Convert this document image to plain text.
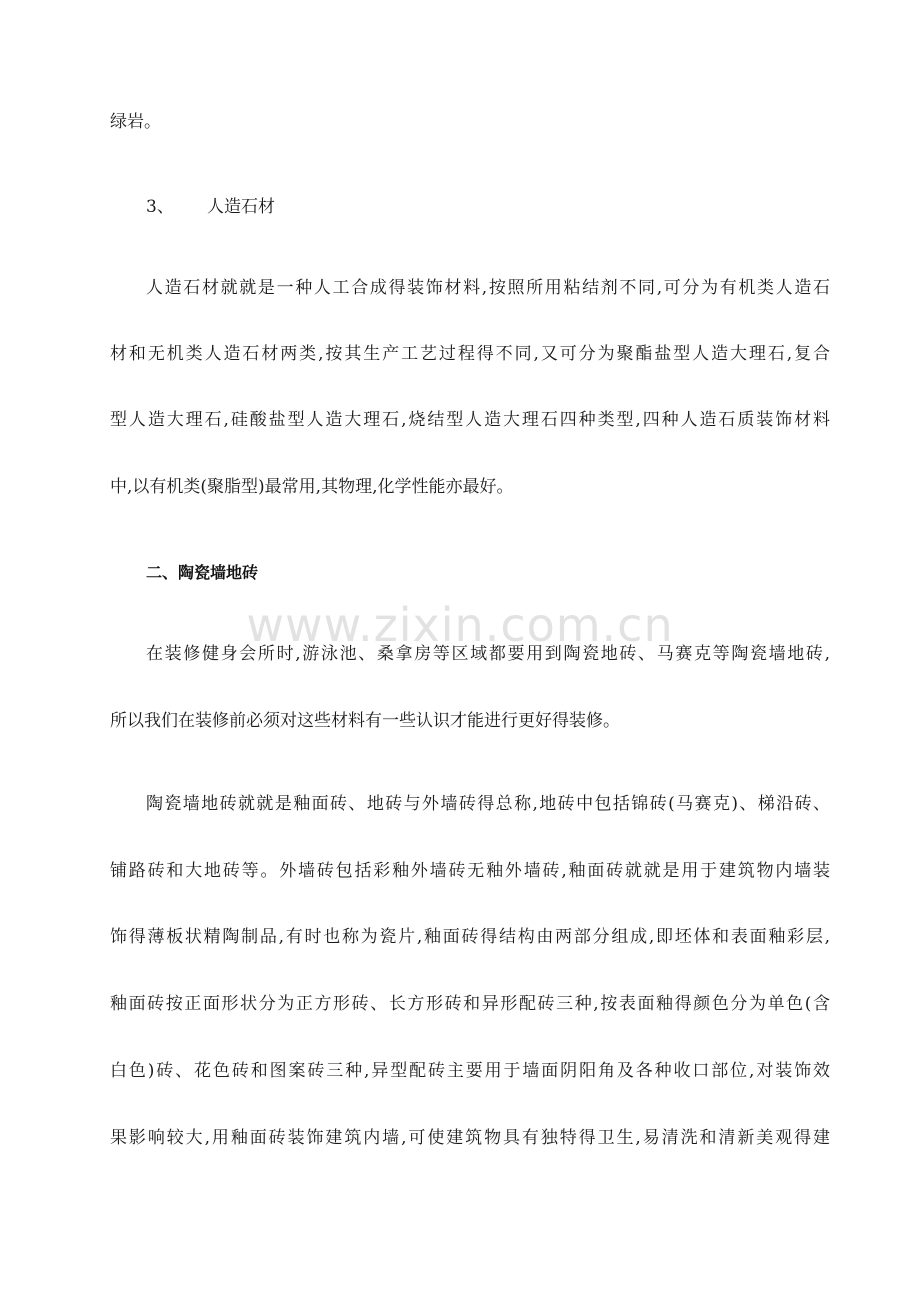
www.zixin.com.cn
绿岩。
3、 人造石材
人造石材就就是一种人工合成得装饰材料,按照所用粘结剂不同,可分为有机类人造石
材和无机类人造石材两类,按其生产工艺过程得不同,又可分为聚酯盐型人造大理石,复合
型人造大理石,硅酸盐型人造大理石,烧结型人造大理石四种类型,四种人造石质装饰材料
中,以有机类(聚脂型)最常用,其物理,化学性能亦最好。
二、陶瓷墙地砖
在装修健身会所时,游泳池、桑拿房等区域都要用到陶瓷地砖、马赛克等陶瓷墙地砖,
所以我们在装修前必须对这些材料有一些认识才能进行更好得装修。
陶瓷墙地砖就就是釉面砖、地砖与外墙砖得总称,地砖中包括锦砖(马赛克)、梯沿砖、
铺路砖和大地砖等。外墙砖包括彩釉外墙砖无釉外墙砖,釉面砖就就是用于建筑物内墙装
饰得薄板状精陶制品,有时也称为瓷片,釉面砖得结构由两部分组成,即坯体和表面釉彩层,
釉面砖按正面形状分为正方形砖、长方形砖和异形配砖三种,按表面釉得颜色分为单色(含
白色)砖、花色砖和图案砖三种,异型配砖主要用于墙面阴阳角及各种收口部位,对装饰效
果影响较大,用釉面砖装饰建筑内墙,可使建筑物具有独特得卫生,易清洗和清新美观得建
